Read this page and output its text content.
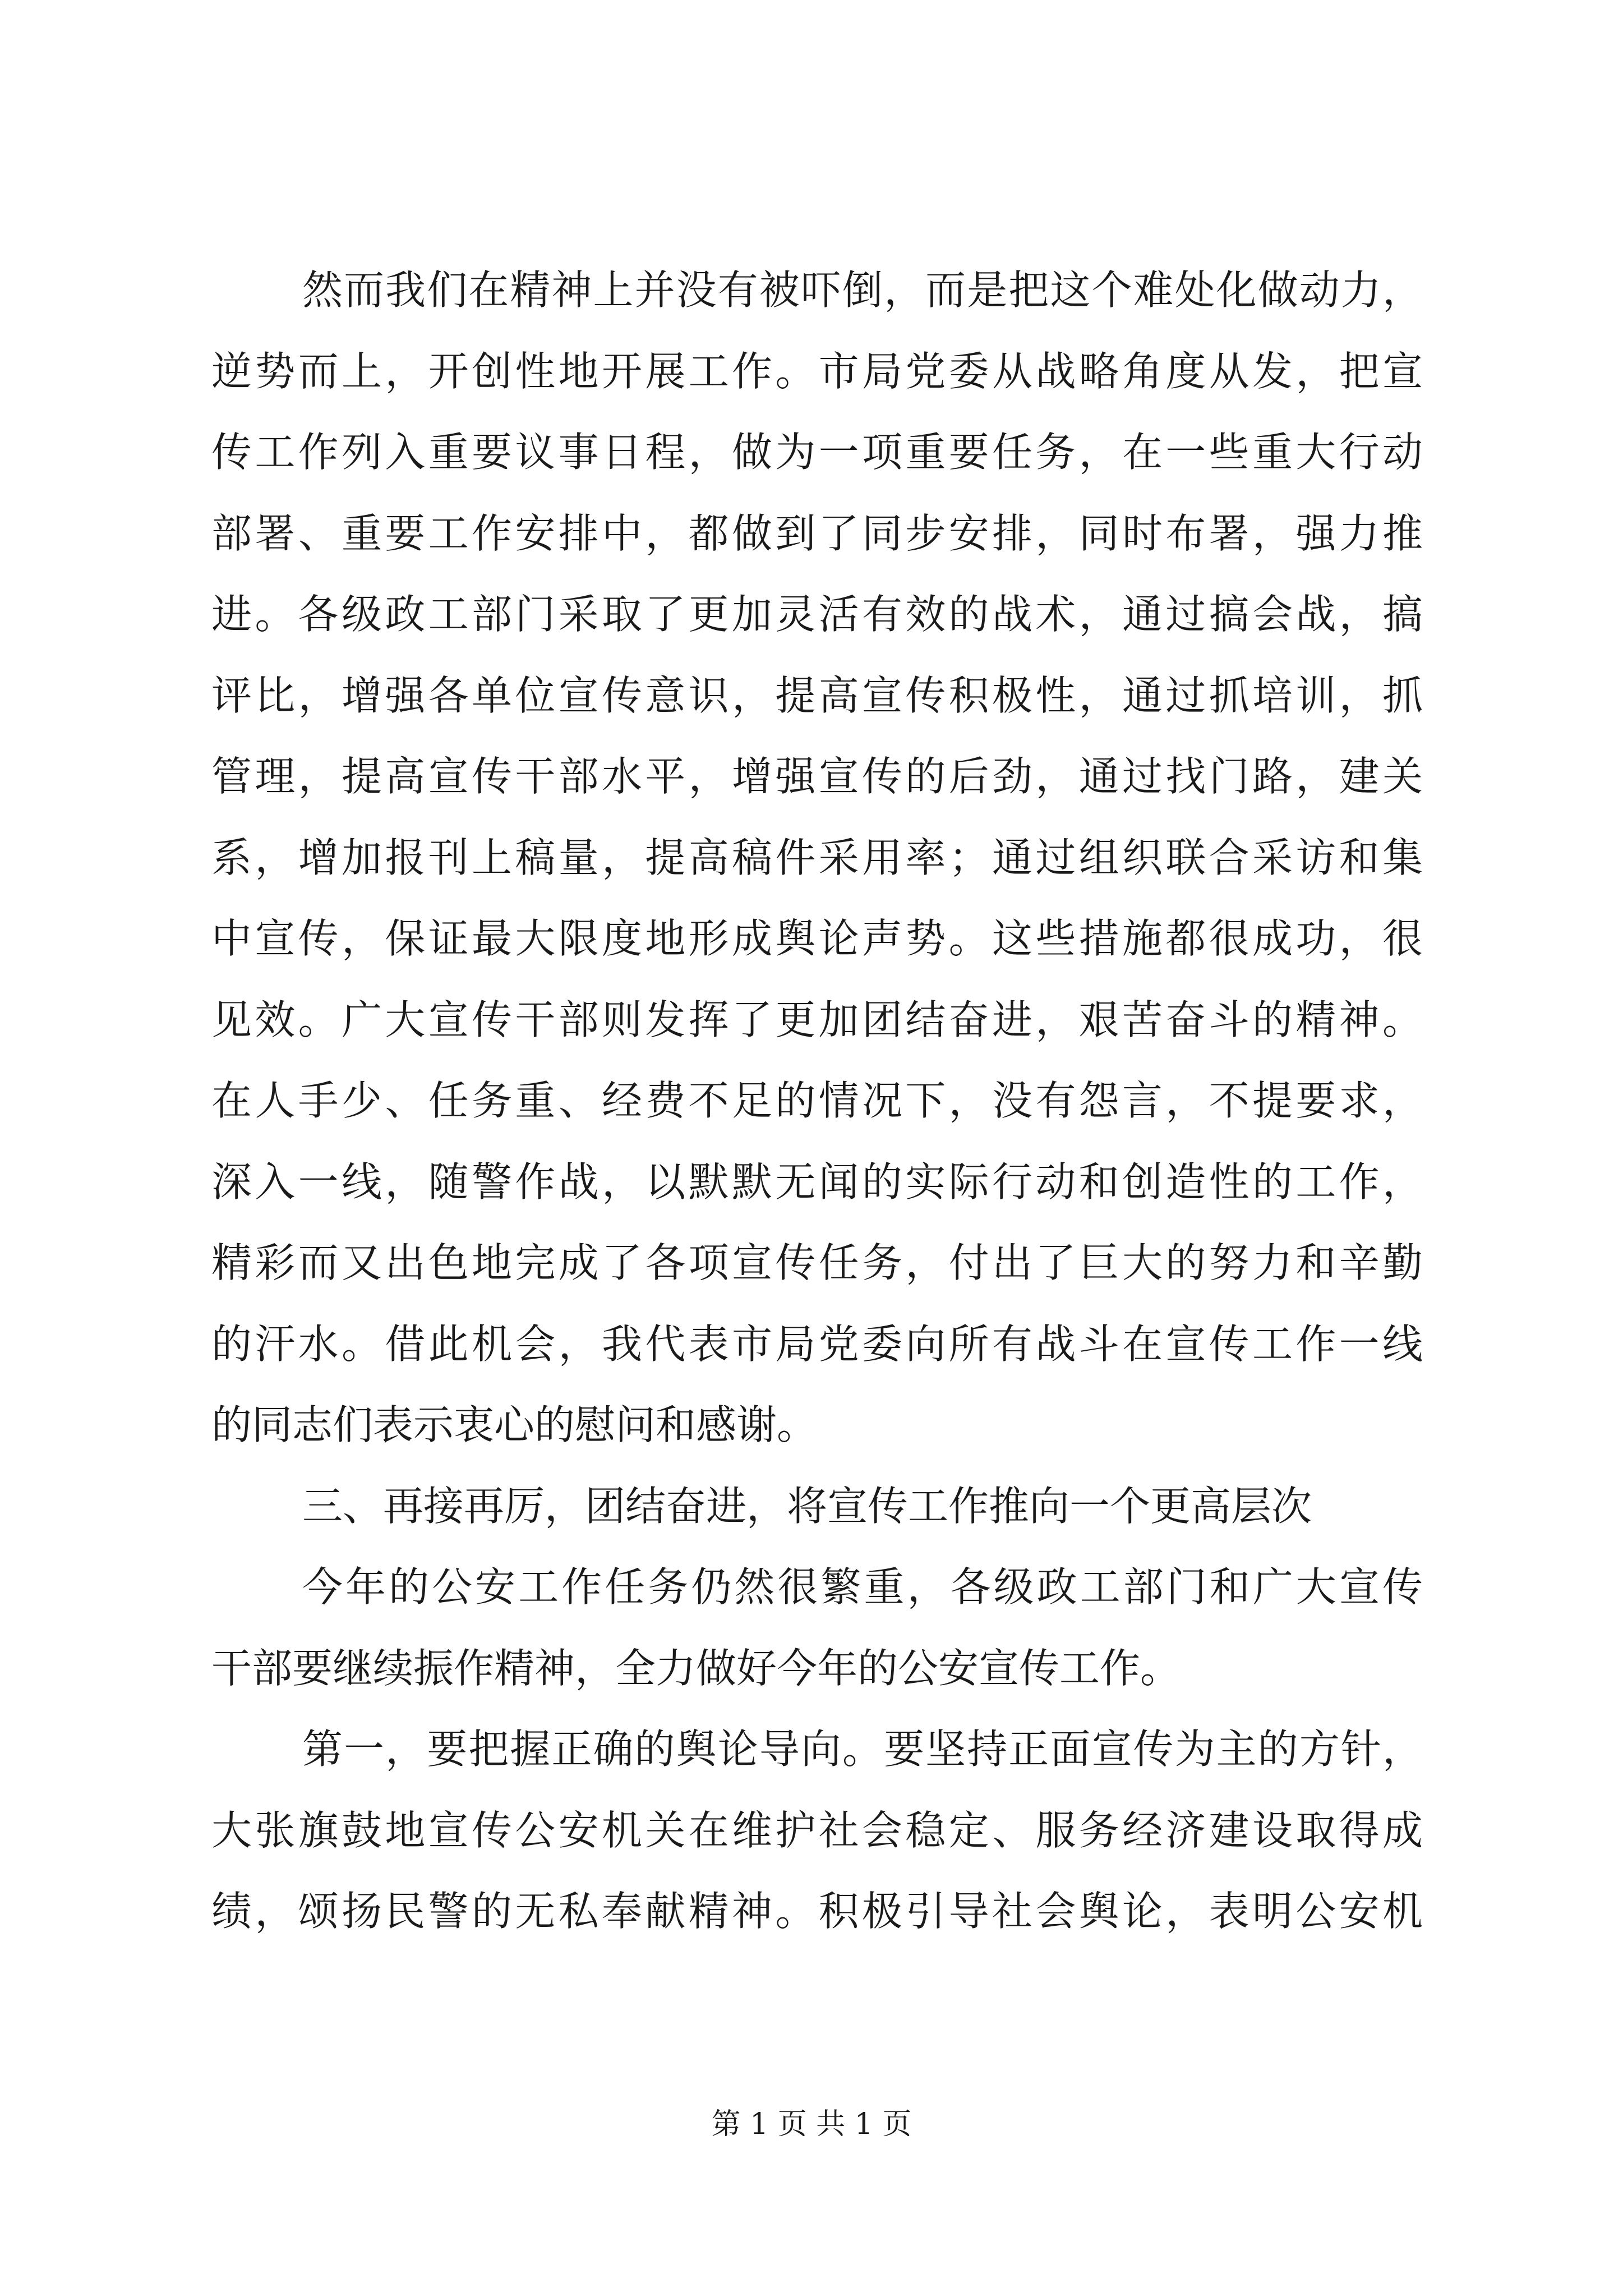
然而我们在精神上并没有被吓倒，而是把这个难处化做动力，
逆势而上，开创性地开展工作。市局党委从战略角度从发，把宣
传工作列入重要议事日程，做为一项重要任务，在一些重大行动
部署、重要工作安排中，都做到了同步安排，同时布署，强力推
进。各级政工部门采取了更加灵活有效的战术，通过搞会战，搞
评比，增强各单位宣传意识，提高宣传积极性，通过抓培训，抓
管理，提高宣传干部水平，增强宣传的后劲，通过找门路，建关
系，增加报刊上稿量，提高稿件采用率；通过组织联合采访和集
中宣传，保证最大限度地形成舆论声势。这些措施都很成功，很
见效。广大宣传干部则发挥了更加团结奋进，艰苦奋斗的精神。
在人手少、任务重、经费不足的情况下，没有怨言，不提要求，
深入一线，随警作战，以默默无闻的实际行动和创造性的工作，
精彩而又出色地完成了各项宣传任务，付出了巨大的努力和辛勤
的汗水。借此机会，我代表市局党委向所有战斗在宣传工作一线
的同志们表示衷心的慰问和感谢。
三、再接再厉，团结奋进，将宣传工作推向一个更高层次
今年的公安工作任务仍然很繁重，各级政工部门和广大宣传
干部要继续振作精神，全力做好今年的公安宣传工作。
第一，要把握正确的舆论导向。要坚持正面宣传为主的方针，
大张旗鼓地宣传公安机关在维护社会稳定、服务经济建设取得成
绩，颂扬民警的无私奉献精神。积极引导社会舆论，表明公安机
第 1 页 共 1 页
